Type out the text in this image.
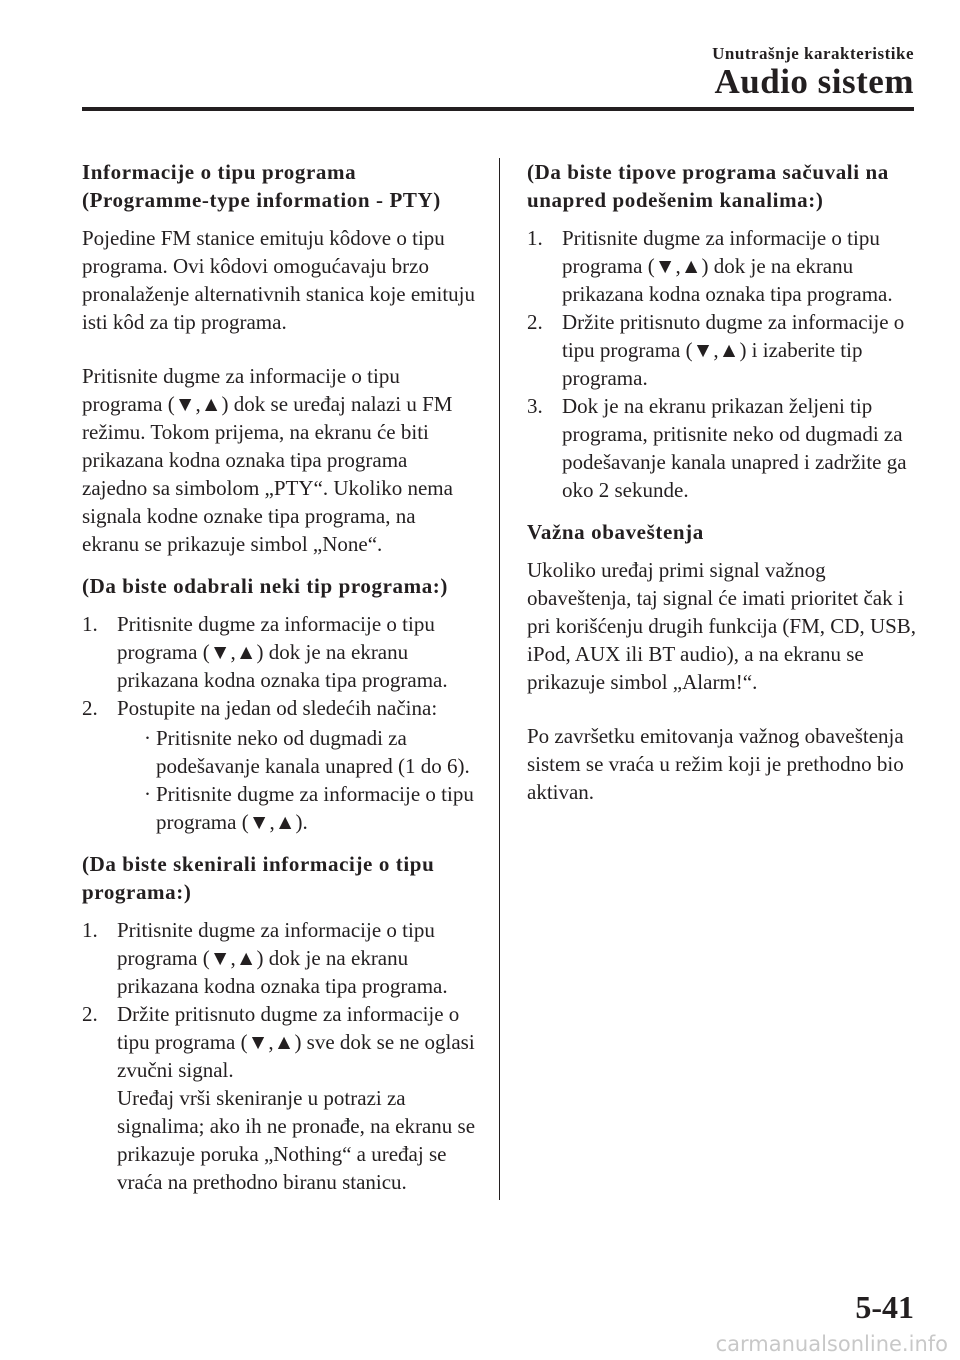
Unutrašnje karakteristike
Audio sistem
Informacije o tipu programa (Programme-type information - PTY)

Pojedine FM stanice emituju kôdove o tipu programa. Ovi kôdovi omogućavaju brzo pronalaženje alternativnih stanica koje emituju isti kôd za tip programa.

Pritisnite dugme za informacije o tipu programa (▼,▲) dok se uređaj nalazi u FM režimu. Tokom prijema, na ekranu će biti prikazana kodna oznaka tipa programa zajedno sa simbolom „PTY“. Ukoliko nema signala kodne oznake tipa programa, na ekranu se prikazuje simbol „None“.

(Da biste odabrali neki tip programa:)
1. Pritisnite dugme za informacije o tipu programa (▼,▲) dok je na ekranu prikazana kodna oznaka tipa programa.
2. Postupite na jedan od sledećih načina:
· Pritisnite neko od dugmadi za podešavanje kanala unapred (1 do 6).
· Pritisnite dugme za informacije o tipu programa (▼,▲).
(Da biste skenirali informacije o tipu programa:)
1. Pritisnite dugme za informacije o tipu programa (▼,▲) dok je na ekranu prikazana kodna oznaka tipa programa.
2. Držite pritisnuto dugme za informacije o tipu programa (▼,▲) sve dok se ne oglasi zvučni signal.
Uređaj vrši skeniranje u potrazi za signalima; ako ih ne pronađe, na ekranu se prikazuje poruka „Nothing“ a uređaj se vraća na prethodno biranu stanicu.
(Da biste tipove programa sačuvali na unapred podešenim kanalima:)
1. Pritisnite dugme za informacije o tipu programa (▼,▲) dok je na ekranu prikazana kodna oznaka tipa programa.
2. Držite pritisnuto dugme za informacije o tipu programa (▼,▲) i izaberite tip programa.
3. Dok je na ekranu prikazan željeni tip programa, pritisnite neko od dugmadi za podešavanje kanala unapred i zadržite ga oko 2 sekunde.
Važna obaveštenja

Ukoliko uređaj primi signal važnog obaveštenja, taj signal će imati prioritet čak i pri korišćenju drugih funkcija (FM, CD, USB, iPod, AUX ili BT audio), a na ekranu se prikazuje simbol „Alarm!“.

Po završetku emitovanja važnog obaveštenja sistem se vraća u režim koji je prethodno bio aktivan.

5-41
carmanualsonline.info
